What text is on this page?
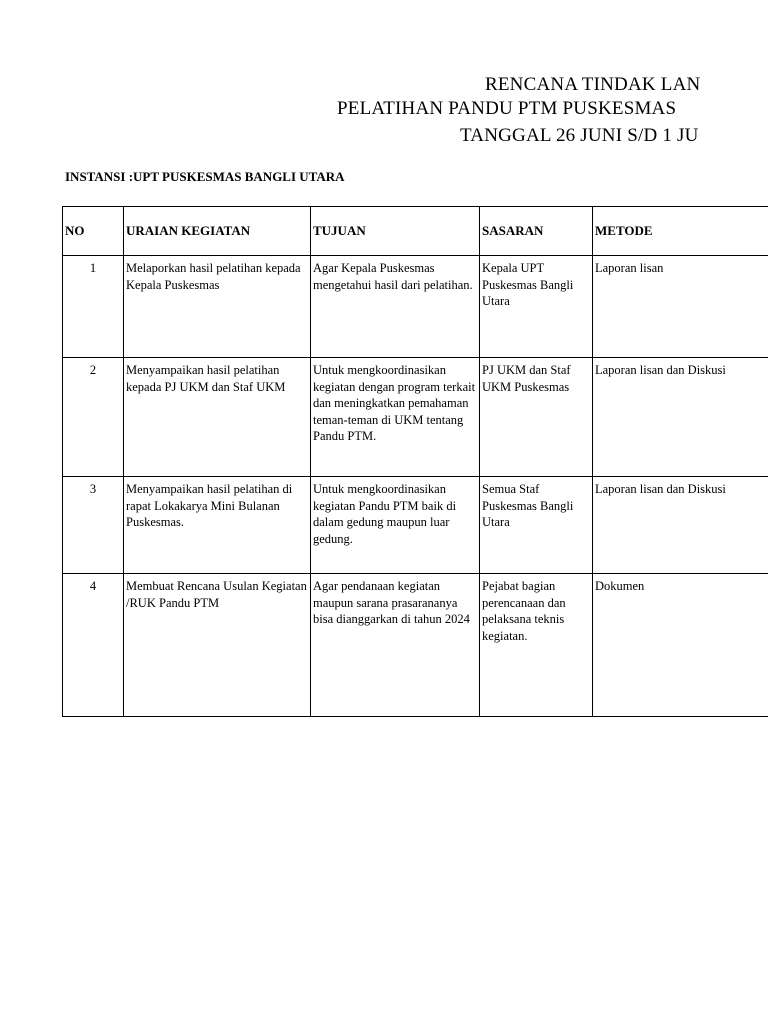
RENCANA TINDAK LAN
PELATIHAN PANDU PTM PUSKESMAS
TANGGAL 26 JUNI S/D 1 JU
INSTANSI :UPT PUSKESMAS BANGLI UTARA
NO	URAIAN KEGIATAN	TUJUAN	SASARAN	METODE

1	Melaporkan hasil pelatihan kepada Kepala Puskesmas	Agar Kepala Puskesmas mengetahui hasil dari pelatihan.	Kepala UPT Puskesmas Bangli Utara	Laporan lisan

2	Menyampaikan hasil pelatihan kepada PJ UKM dan Staf UKM	Untuk mengkoordinasikan kegiatan dengan program terkait dan meningkatkan pemahaman teman-teman di UKM tentang Pandu PTM.	PJ UKM dan Staf UKM Puskesmas	Laporan lisan dan Diskusi

3	Menyampaikan hasil pelatihan di rapat Lokakarya Mini Bulanan Puskesmas.	Untuk mengkoordinasikan kegiatan Pandu PTM baik di dalam gedung maupun luar gedung.	Semua Staf Puskesmas Bangli Utara	Laporan lisan dan Diskusi

4	Membuat Rencana Usulan Kegiatan /RUK Pandu PTM	Agar pendanaan kegiatan maupun sarana prasarananya bisa dianggarkan di tahun 2024	Pejabat bagian perencanaan dan pelaksana teknis kegiatan.	Dokumen
